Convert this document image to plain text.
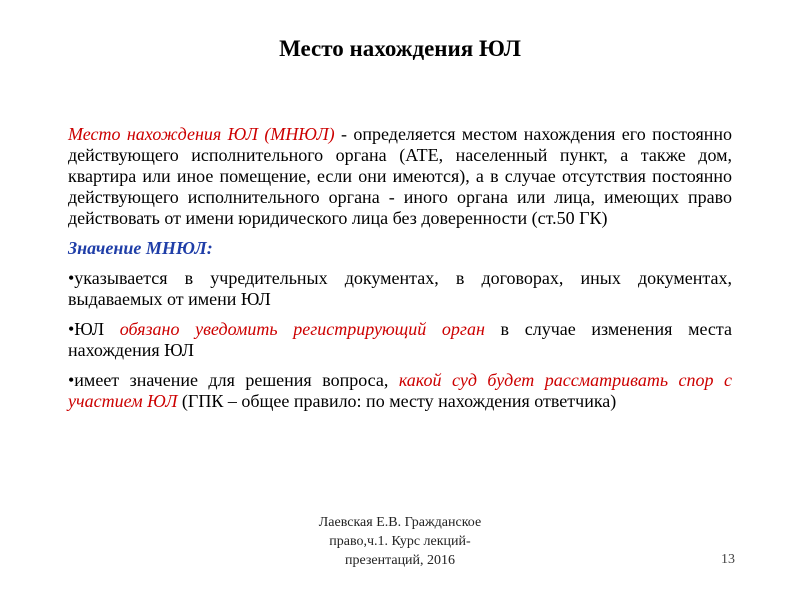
Место нахождения ЮЛ

Место нахождения ЮЛ (МНЮЛ) - определяется местом нахождения его постоянно действующего исполнительного органа (АТЕ, населенный пункт, а также дом, квартира или иное помещение, если они имеются), а в случае отсутствия постоянно действующего исполнительного органа - иного органа или лица, имеющих право действовать от имени юридического лица без доверенности (ст.50 ГК)

Значение МНЮЛ:

•указывается в учредительных документах, в договорах, иных документах, выдаваемых от имени ЮЛ

•ЮЛ обязано уведомить регистрирующий орган в случае изменения места нахождения ЮЛ

•имеет значение для решения вопроса, какой суд будет рассматривать спор с участием ЮЛ (ГПК – общее правило: по месту нахождения ответчика)

Лаевская Е.В. Гражданское
право,ч.1. Курс лекций-
презентаций, 2016	13
